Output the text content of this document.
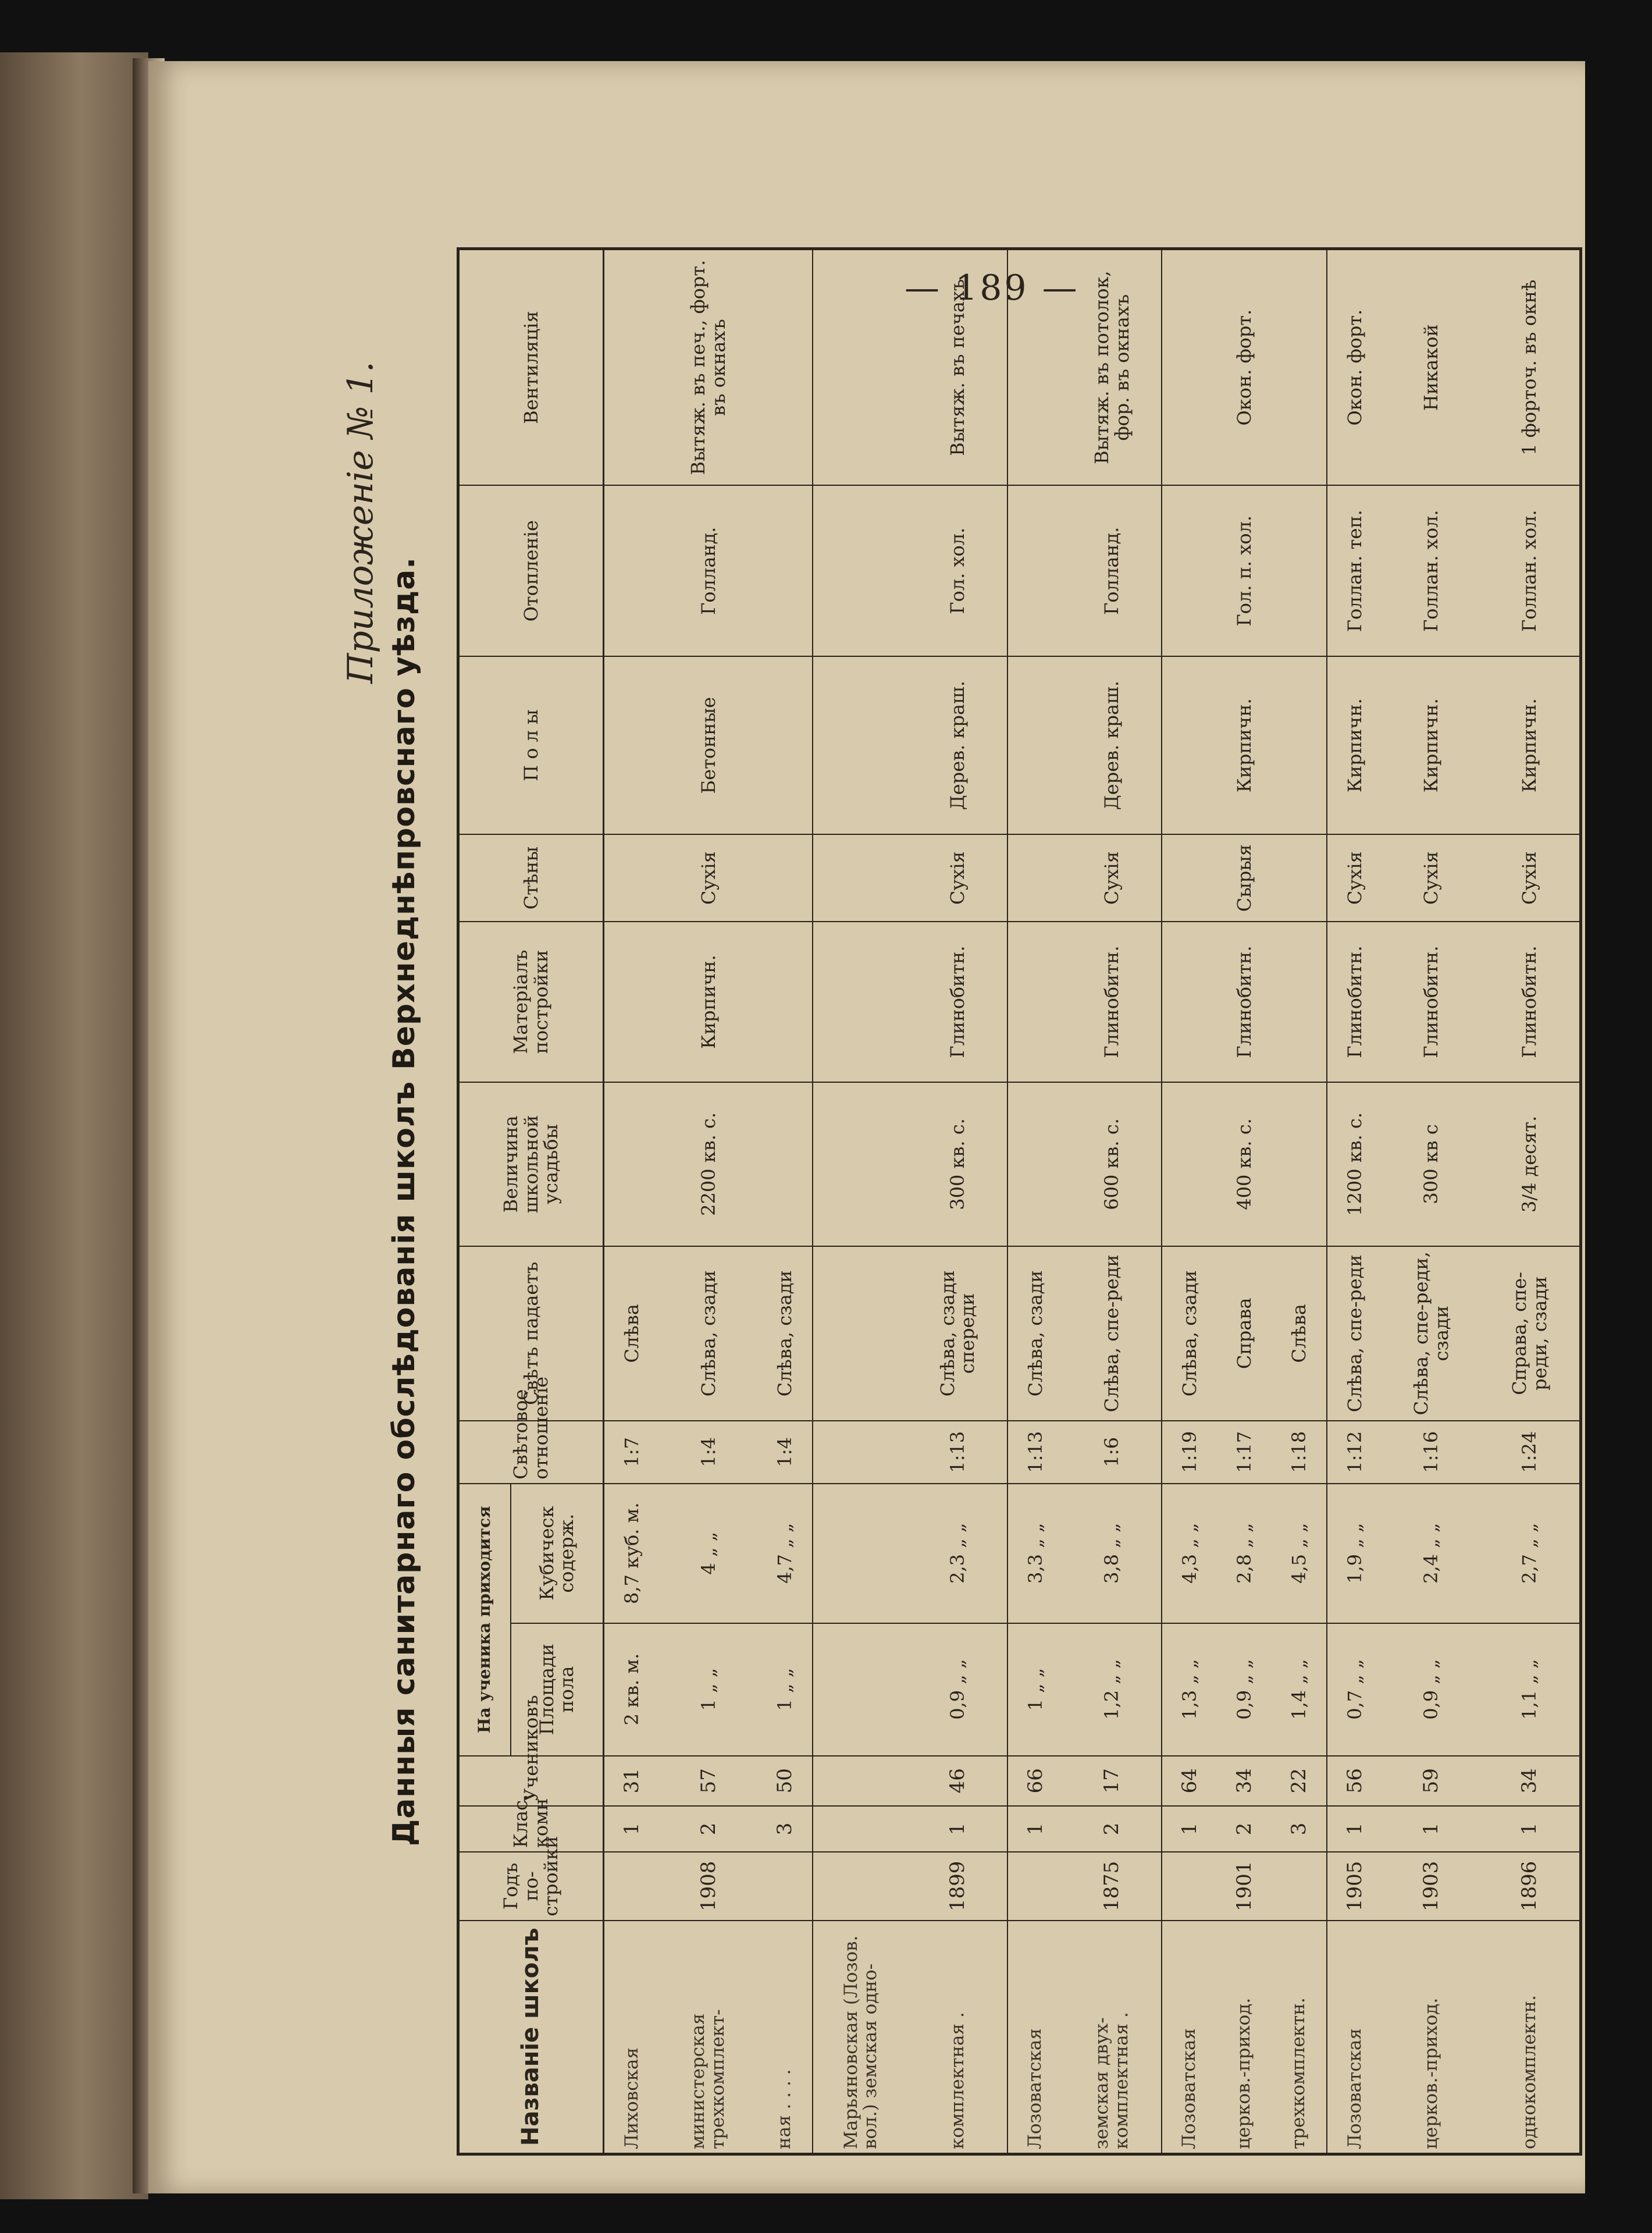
— 189 —
Приложеніе № 1.
Данныя санитарнаго обслѣдованія школъ Верхнеднѣпровснаго уѣзда.
Названіе школъ	Годъ по-стройки	Клас. комн	Учениковъ	На ученика приходится		Свѣтовое отношеніе	Свѣтъ падаетъ	Величина школьной усадьбы	Матеріалъ постройки	Стѣны	П о л ы	Отопленіе	Вентиляція
				Площади пола	Кубическ содерж.								
Лиховская		1	31	2 кв. м.	8,7 куб. м.	1:7	Слѣва						
министерская трехкомплект-	1908	2	57	1 „ „	4 „ „	1:4	Слѣва, сзади	2200 кв. с.	Кирпичн.	Сухія	Бетонные	Голланд.	Вытяж. въ печ., форт. въ окнахъ
ная . . . .		3	50	1 „ „	4,7 „ „	1:4	Слѣва, сзади						
Марьяновская (Лозов. вол.) земская одно-													
комплектная .	1899	1	46	0,9 „ „	2,3 „ „	1:13	Слѣва, сзади спереди	300 кв. с.	Глинобитн.	Сухія	Дерев. краш.	Гол. хол.	Вытяж. въ печахъ
Лозоватская		1	66	1 „ „	3,3 „ „	1:13	Слѣва, сзади						
земская двух-комплектная .	1875	2	17	1,2 „ „	3,8 „ „	1:6	Слѣва, спе-реди	600 кв. с.	Глинобитн.	Сухія	Дерев. краш.	Голланд.	Вытяж. въ потолок, фор. въ окнахъ
Лозоватская		1	64	1,3 „ „	4,3 „ „	1:19	Слѣва, сзади						
церков.-приход.	1901	2	34	0,9 „ „	2,8 „ „	1:17	Справа	400 кв. с.	Глинобитн.	Сырыя	Кирпичн.	Гол. п. хол.	Окон. форт.
трехкомплектн.		3	22	1,4 „ „	4,5 „ „	1:18	Слѣва						
Лозоватская	1905	1	56	0,7 „ „	1,9 „ „	1:12	Слѣва, спе-реди	1200 кв. с.	Глинобитн.	Сухія	Кирпичн.	Голлан. теп.	Окон. форт.
церков.-приход.	1903	1	59	0,9 „ „	2,4 „ „	1:16	Слѣва, спе-реди, сзади	300 кв с	Глинобитн.	Сухія	Кирпичн.	Голлан. хол.	Никакой
однокомплектн.	1896	1	34	1,1 „ „	2,7 „ „	1:24	Справа, спе-реди, сзади	3/4 десят.	Глинобитн.	Сухія	Кирпичн.	Голлан. хол.	1 форточ. въ окнѣ
